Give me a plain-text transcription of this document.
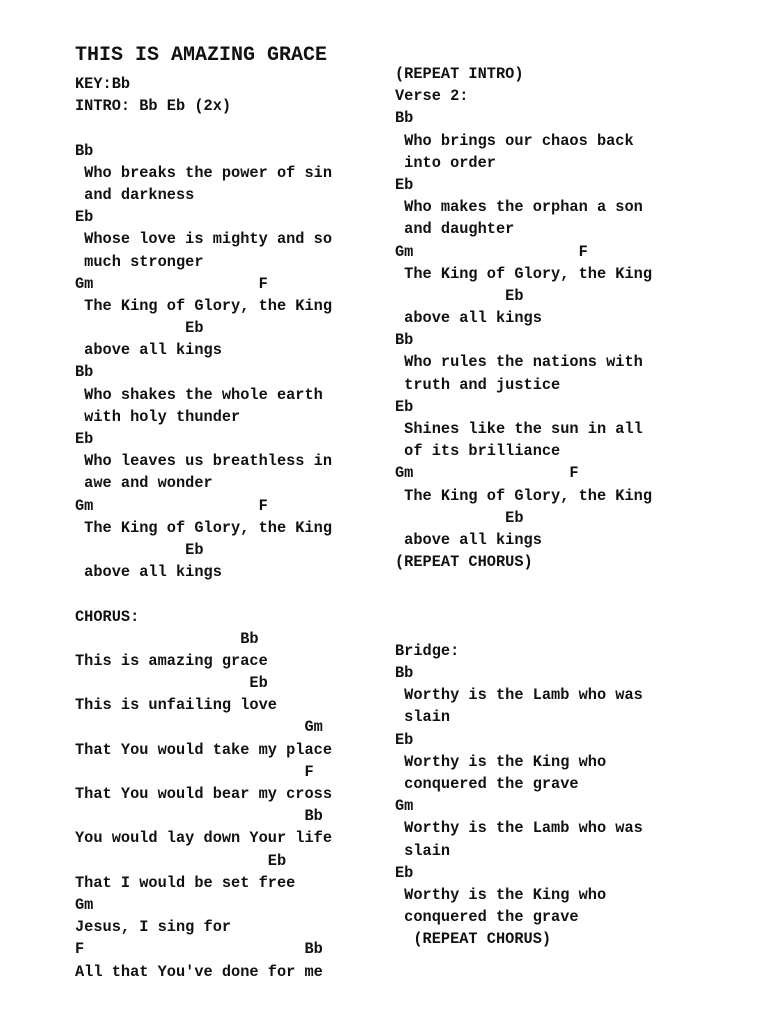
THIS IS AMAZING GRACE
KEY:Bb
INTRO: Bb Eb (2x)
Bb
Who breaks the power of sin
and darkness
Eb
Whose love is mighty and so
much stronger
Gm                  F
The King of Glory, the King
Eb
above all kings
Bb
Who shakes the whole earth
with holy thunder
Eb
Who leaves us breathless in
awe and wonder
Gm                  F
The King of Glory, the King
Eb
above all kings
CHORUS:
Bb
This is amazing grace
Eb
This is unfailing love
Gm
That You would take my place
F
That You would bear my cross
Bb
You would lay down Your life
Eb
That I would be set free
Gm
Jesus, I sing for
F                        Bb
All that You've done for me
(REPEAT INTRO)
Verse 2:
Bb
Who brings our chaos back
into order
Eb
Who makes the orphan a son
and daughter
Gm                  F
The King of Glory, the King
Eb
above all kings
Bb
Who rules the nations with
truth and justice
Eb
Shines like the sun in all
of its brilliance
Gm                 F
The King of Glory, the King
Eb
above all kings
(REPEAT CHORUS)
Bridge:
Bb
Worthy is the Lamb who was
slain
Eb
Worthy is the King who
conquered the grave
Gm
Worthy is the Lamb who was
slain
Eb
Worthy is the King who
conquered the grave
(REPEAT CHORUS)
